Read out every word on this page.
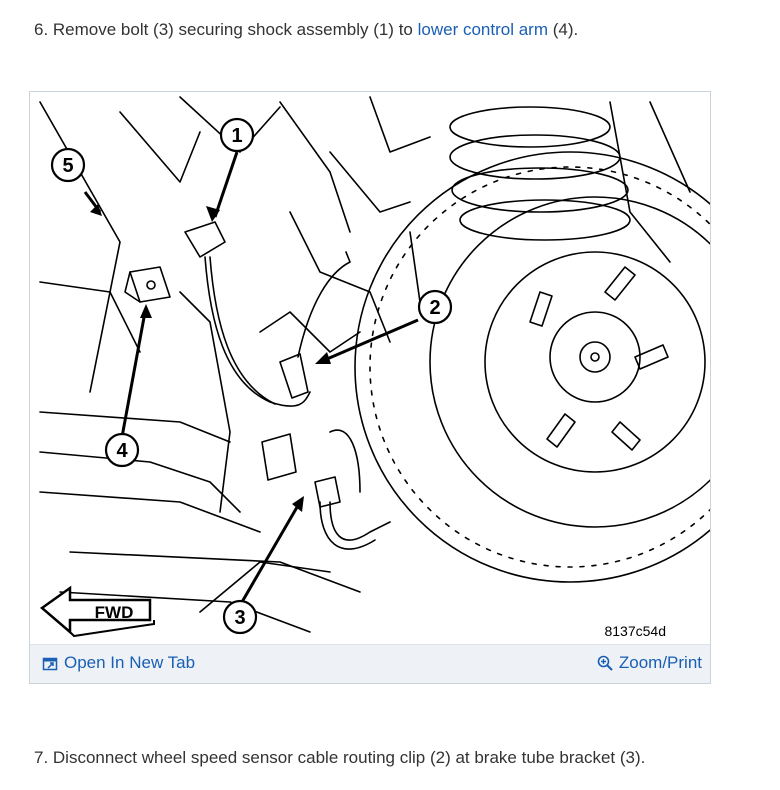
6. Remove bolt (3) securing shock assembly (1) to lower control arm (4).

1
2
3
4
5
FWD
8137c54d
Open In New Tab	Zoom/Print

7. Disconnect wheel speed sensor cable routing clip (2) at brake tube bracket (3).
